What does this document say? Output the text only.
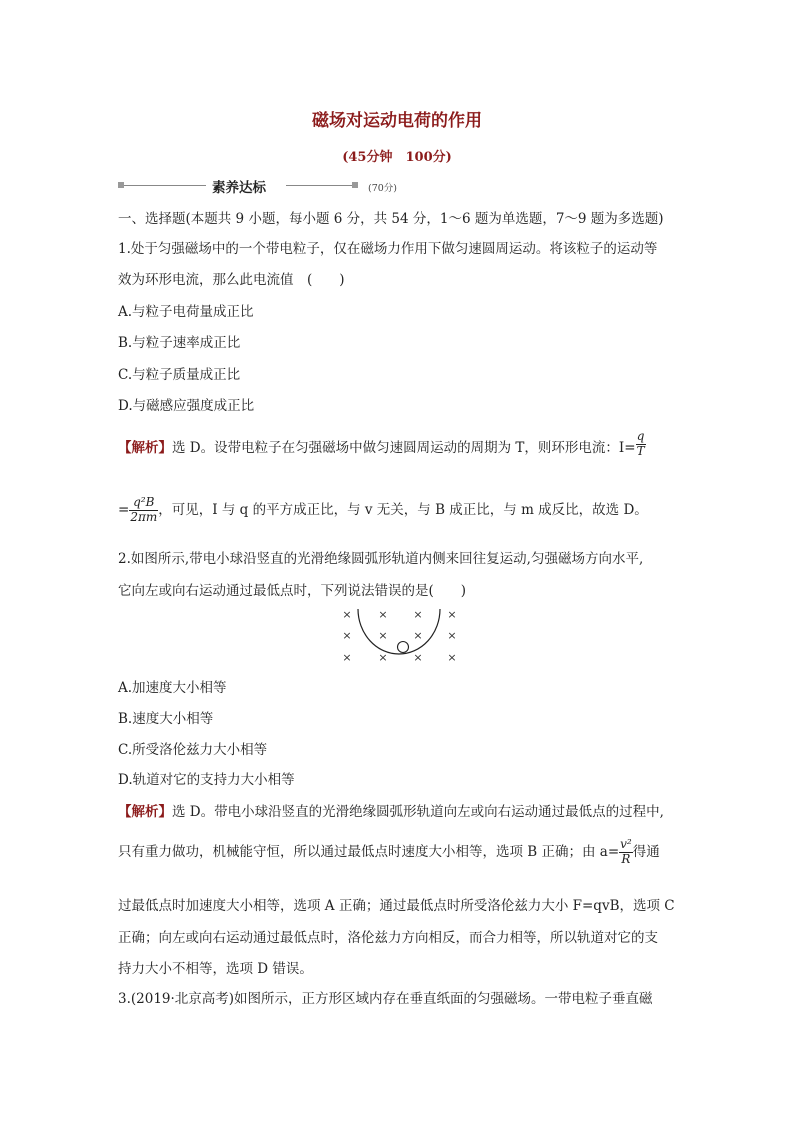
磁场对运动电荷的作用
(45分钟　100分)
素养达标	(70分)
一、选择题(本题共 9 小题，每小题 6 分，共 54 分，1～6 题为单选题，7～9 题为多选题)
1.处于匀强磁场中的一个带电粒子，仅在磁场力作用下做匀速圆周运动。将该粒子的运动等
效为环形电流，那么此电流值　(　　)
A.与粒子电荷量成正比
B.与粒子速率成正比
C.与粒子质量成正比
D.与磁感应强度成正比
【解析】选 D。设带电粒子在匀强磁场中做匀速圆周运动的周期为 T，则环形电流：$I= \frac{q}{T}$
= $\frac{\text{q²B}}{2\pi m}$ ，可见，I 与 q 的平方成正比，与 v 无关，与 B 成正比，与 m 成反比，故选 D。
2.如图所示,带电小球沿竖直的光滑绝缘圆弧形轨道内侧来回往复运动,匀强磁场方向水平,
它向左或向右运动通过最低点时，下列说法错误的是(　　)
× × × ×
× × × ×
× × × ×
A.加速度大小相等
B.速度大小相等
C.所受洛伦兹力大小相等
D.轨道对它的支持力大小相等
【解析】选 D。带电小球沿竖直的光滑绝缘圆弧形轨道向左或向右运动通过最低点的过程中,
只有重力做功，机械能守恒，所以通过最低点时速度大小相等，选项 B 正确；由 $a= \frac{\text{v²}}{R}$ 得通
过最低点时加速度大小相等，选项 A 正确；通过最低点时所受洛伦兹力大小 F=qvB，选项 C
正确；向左或向右运动通过最低点时，洛伦兹力方向相反，而合力相等，所以轨道对它的支
持力大小不相等，选项 D 错误。
3.(2019·北京高考)如图所示，正方形区域内存在垂直纸面的匀强磁场。一带电粒子垂直磁
